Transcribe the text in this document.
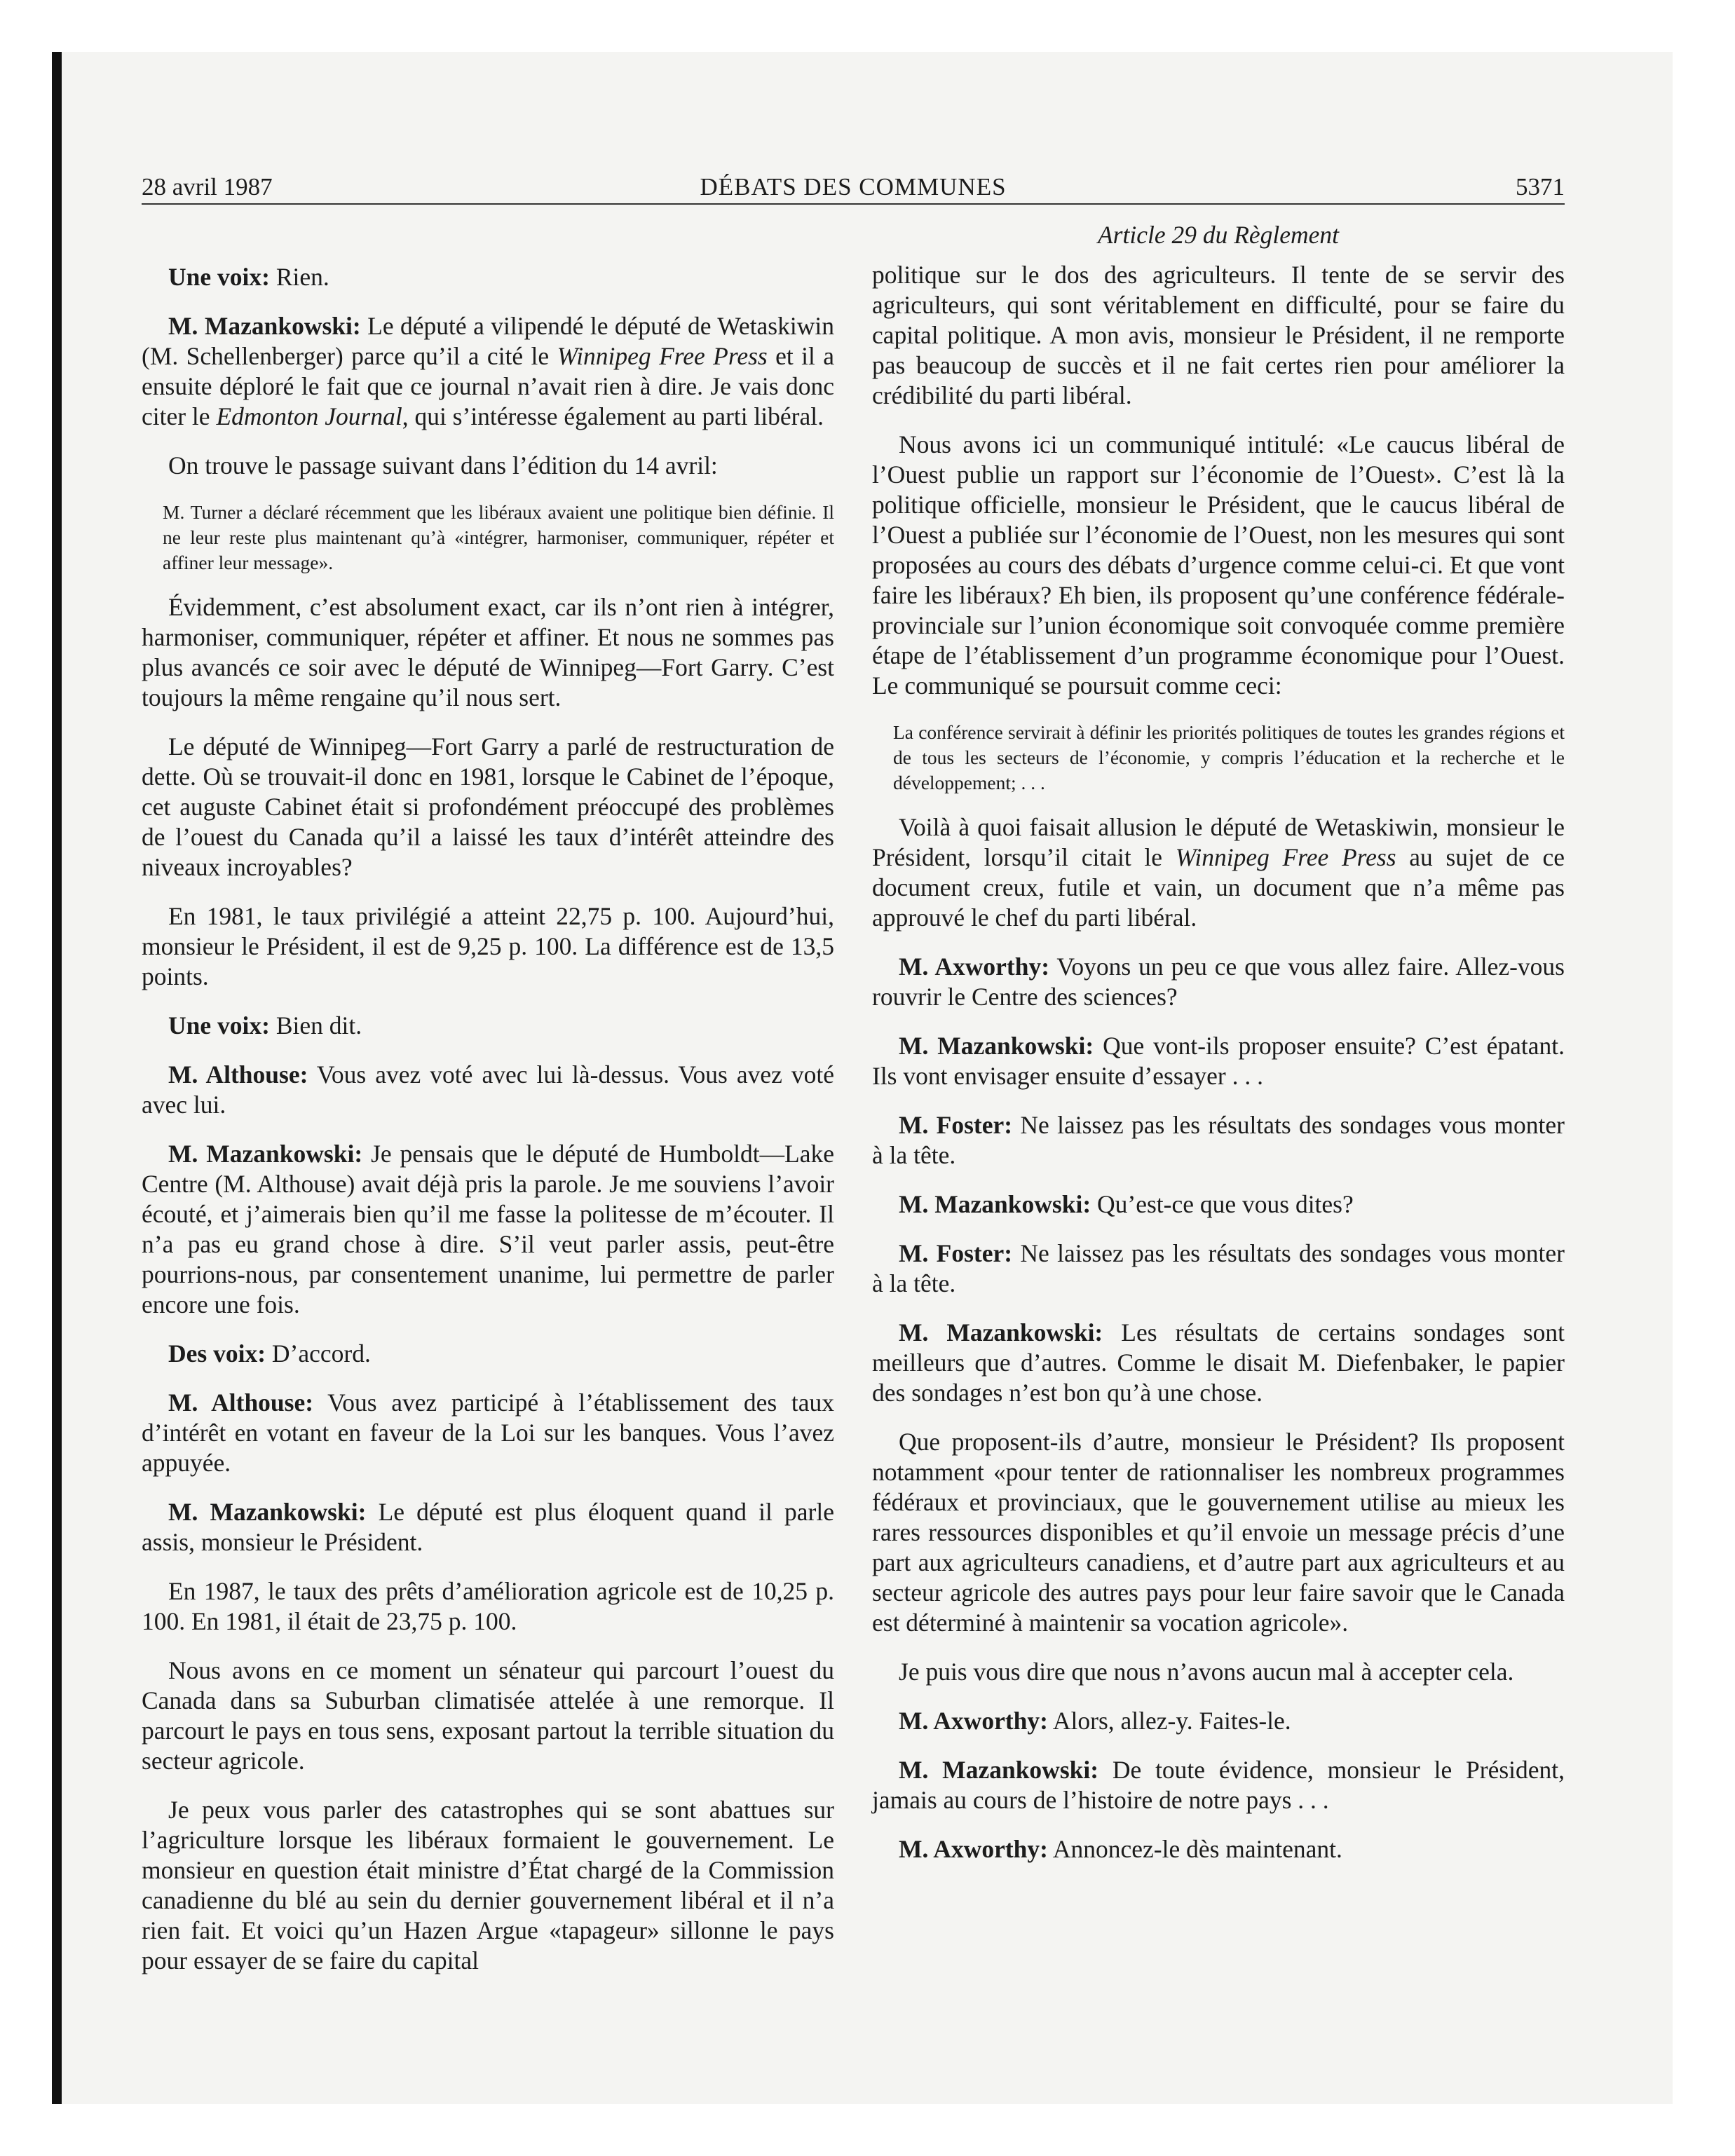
28 avril 1987	DÉBATS DES COMMUNES	5371

Une voix: Rien.

M. Mazankowski: Le député a vilipendé le député de Wetaskiwin (M. Schellenberger) parce qu’il a cité le Winnipeg Free Press et il a ensuite déploré le fait que ce journal n’avait rien à dire. Je vais donc citer le Edmonton Journal, qui s’intéresse également au parti libéral.

On trouve le passage suivant dans l’édition du 14 avril:

M. Turner a déclaré récemment que les libéraux avaient une politique bien définie. Il ne leur reste plus maintenant qu’à «intégrer, harmoniser, communiquer, répéter et affiner leur message».

Évidemment, c’est absolument exact, car ils n’ont rien à intégrer, harmoniser, communiquer, répéter et affiner. Et nous ne sommes pas plus avancés ce soir avec le député de Winnipeg—Fort Garry. C’est toujours la même rengaine qu’il nous sert.

Le député de Winnipeg—Fort Garry a parlé de restructuration de dette. Où se trouvait-il donc en 1981, lorsque le Cabinet de l’époque, cet auguste Cabinet était si profondément préoccupé des problèmes de l’ouest du Canada qu’il a laissé les taux d’intérêt atteindre des niveaux incroyables?

En 1981, le taux privilégié a atteint 22,75 p. 100. Aujourd’hui, monsieur le Président, il est de 9,25 p. 100. La différence est de 13,5 points.

Une voix: Bien dit.

M. Althouse: Vous avez voté avec lui là-dessus. Vous avez voté avec lui.

M. Mazankowski: Je pensais que le député de Humboldt—Lake Centre (M. Althouse) avait déjà pris la parole. Je me souviens l’avoir écouté, et j’aimerais bien qu’il me fasse la politesse de m’écouter. Il n’a pas eu grand chose à dire. S’il veut parler assis, peut-être pourrions-nous, par consentement unanime, lui permettre de parler encore une fois.

Des voix: D’accord.

M. Althouse: Vous avez participé à l’établissement des taux d’intérêt en votant en faveur de la Loi sur les banques. Vous l’avez appuyée.

M. Mazankowski: Le député est plus éloquent quand il parle assis, monsieur le Président.

En 1987, le taux des prêts d’amélioration agricole est de 10,25 p. 100. En 1981, il était de 23,75 p. 100.

Nous avons en ce moment un sénateur qui parcourt l’ouest du Canada dans sa Suburban climatisée attelée à une remorque. Il parcourt le pays en tous sens, exposant partout la terrible situation du secteur agricole.

Je peux vous parler des catastrophes qui se sont abattues sur l’agriculture lorsque les libéraux formaient le gouvernement. Le monsieur en question était ministre d’État chargé de la Commission canadienne du blé au sein du dernier gouvernement libéral et il n’a rien fait. Et voici qu’un Hazen Argue «tapageur» sillonne le pays pour essayer de se faire du capital

Article 29 du Règlement

politique sur le dos des agriculteurs. Il tente de se servir des agriculteurs, qui sont véritablement en difficulté, pour se faire du capital politique. A mon avis, monsieur le Président, il ne remporte pas beaucoup de succès et il ne fait certes rien pour améliorer la crédibilité du parti libéral.

Nous avons ici un communiqué intitulé: «Le caucus libéral de l’Ouest publie un rapport sur l’économie de l’Ouest». C’est là la politique officielle, monsieur le Président, que le caucus libéral de l’Ouest a publiée sur l’économie de l’Ouest, non les mesures qui sont proposées au cours des débats d’urgence comme celui-ci. Et que vont faire les libéraux? Eh bien, ils proposent qu’une conférence fédérale-provinciale sur l’union économique soit convoquée comme première étape de l’établissement d’un programme économique pour l’Ouest. Le communiqué se poursuit comme ceci:

La conférence servirait à définir les priorités politiques de toutes les grandes régions et de tous les secteurs de l’économie, y compris l’éducation et la recherche et le développement; . . .

Voilà à quoi faisait allusion le député de Wetaskiwin, monsieur le Président, lorsqu’il citait le Winnipeg Free Press au sujet de ce document creux, futile et vain, un document que n’a même pas approuvé le chef du parti libéral.

M. Axworthy: Voyons un peu ce que vous allez faire. Allez-vous rouvrir le Centre des sciences?

M. Mazankowski: Que vont-ils proposer ensuite? C’est épatant. Ils vont envisager ensuite d’essayer . . .

M. Foster: Ne laissez pas les résultats des sondages vous monter à la tête.

M. Mazankowski: Qu’est-ce que vous dites?

M. Foster: Ne laissez pas les résultats des sondages vous monter à la tête.

M. Mazankowski: Les résultats de certains sondages sont meilleurs que d’autres. Comme le disait M. Diefenbaker, le papier des sondages n’est bon qu’à une chose.

Que proposent-ils d’autre, monsieur le Président? Ils proposent notamment «pour tenter de rationnaliser les nombreux programmes fédéraux et provinciaux, que le gouvernement utilise au mieux les rares ressources disponibles et qu’il envoie un message précis d’une part aux agriculteurs canadiens, et d’autre part aux agriculteurs et au secteur agricole des autres pays pour leur faire savoir que le Canada est déterminé à maintenir sa vocation agricole».

Je puis vous dire que nous n’avons aucun mal à accepter cela.

M. Axworthy: Alors, allez-y. Faites-le.

M. Mazankowski: De toute évidence, monsieur le Président, jamais au cours de l’histoire de notre pays . . .

M. Axworthy: Annoncez-le dès maintenant.
